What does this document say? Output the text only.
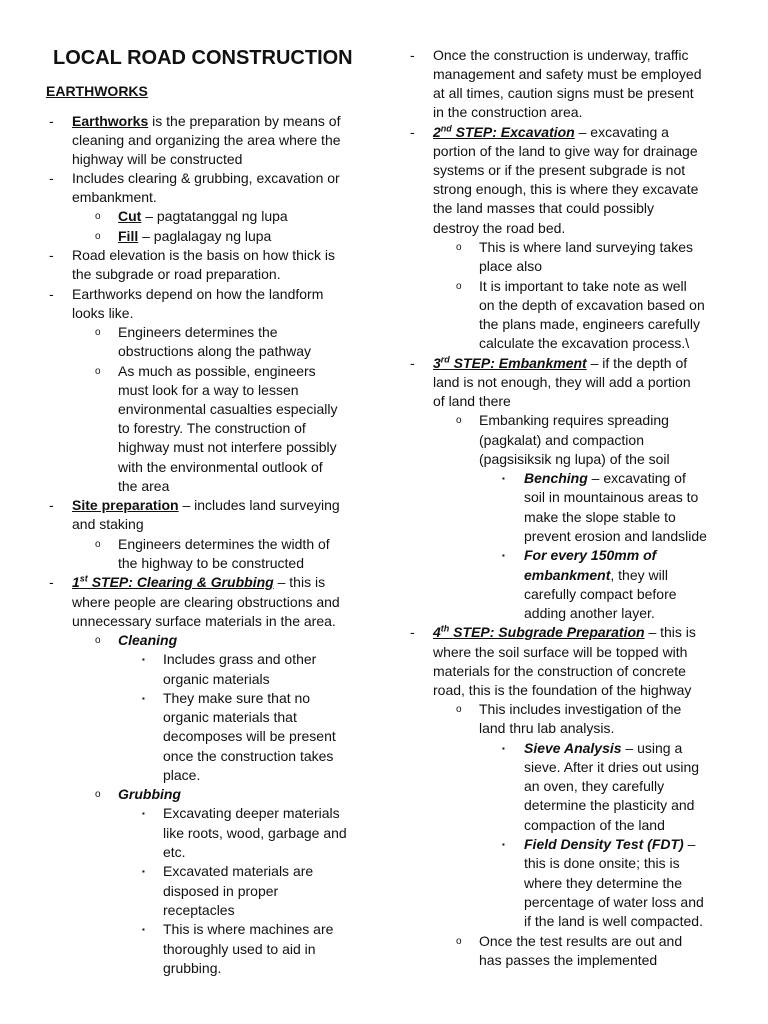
LOCAL ROAD CONSTRUCTION
EARTHWORKS
- Earthworks is the preparation by means of
cleaning and organizing the area where the
highway will be constructed
- Includes clearing & grubbing, excavation or
embankment.
o Cut – pagtatanggal ng lupa
o Fill – paglalagay ng lupa
- Road elevation is the basis on how thick is
the subgrade or road preparation.
- Earthworks depend on how the landform
looks like.
o Engineers determines the
obstructions along the pathway
o As much as possible, engineers
must look for a way to lessen
environmental casualties especially
to forestry. The construction of
highway must not interfere possibly
with the environmental outlook of
the area
- Site preparation – includes land surveying
and staking
o Engineers determines the width of
the highway to be constructed
- 1st STEP: Clearing & Grubbing – this is
where people are clearing obstructions and
unnecessary surface materials in the area.
o Cleaning
▪ Includes grass and other
organic materials
▪ They make sure that no
organic materials that
decomposes will be present
once the construction takes
place.
o Grubbing
▪ Excavating deeper materials
like roots, wood, garbage and
etc.
▪ Excavated materials are
disposed in proper
receptacles
▪ This is where machines are
thoroughly used to aid in
grubbing.
- Once the construction is underway, traffic
management and safety must be employed
at all times, caution signs must be present
in the construction area.
- 2nd STEP: Excavation – excavating a
portion of the land to give way for drainage
systems or if the present subgrade is not
strong enough, this is where they excavate
the land masses that could possibly
destroy the road bed.
o This is where land surveying takes
place also
o It is important to take note as well
on the depth of excavation based on
the plans made, engineers carefully
calculate the excavation process.\
- 3rd STEP: Embankment – if the depth of
land is not enough, they will add a portion
of land there
o Embanking requires spreading
(pagkalat) and compaction
(pagsisiksik ng lupa) of the soil
▪ Benching – excavating of
soil in mountainous areas to
make the slope stable to
prevent erosion and landslide
▪ For every 150mm of
embankment, they will
carefully compact before
adding another layer.
- 4th STEP: Subgrade Preparation – this is
where the soil surface will be topped with
materials for the construction of concrete
road, this is the foundation of the highway
o This includes investigation of the
land thru lab analysis.
▪ Sieve Analysis – using a
sieve. After it dries out using
an oven, they carefully
determine the plasticity and
compaction of the land
▪ Field Density Test (FDT) –
this is done onsite; this is
where they determine the
percentage of water loss and
if the land is well compacted.
o Once the test results are out and
has passes the implemented
